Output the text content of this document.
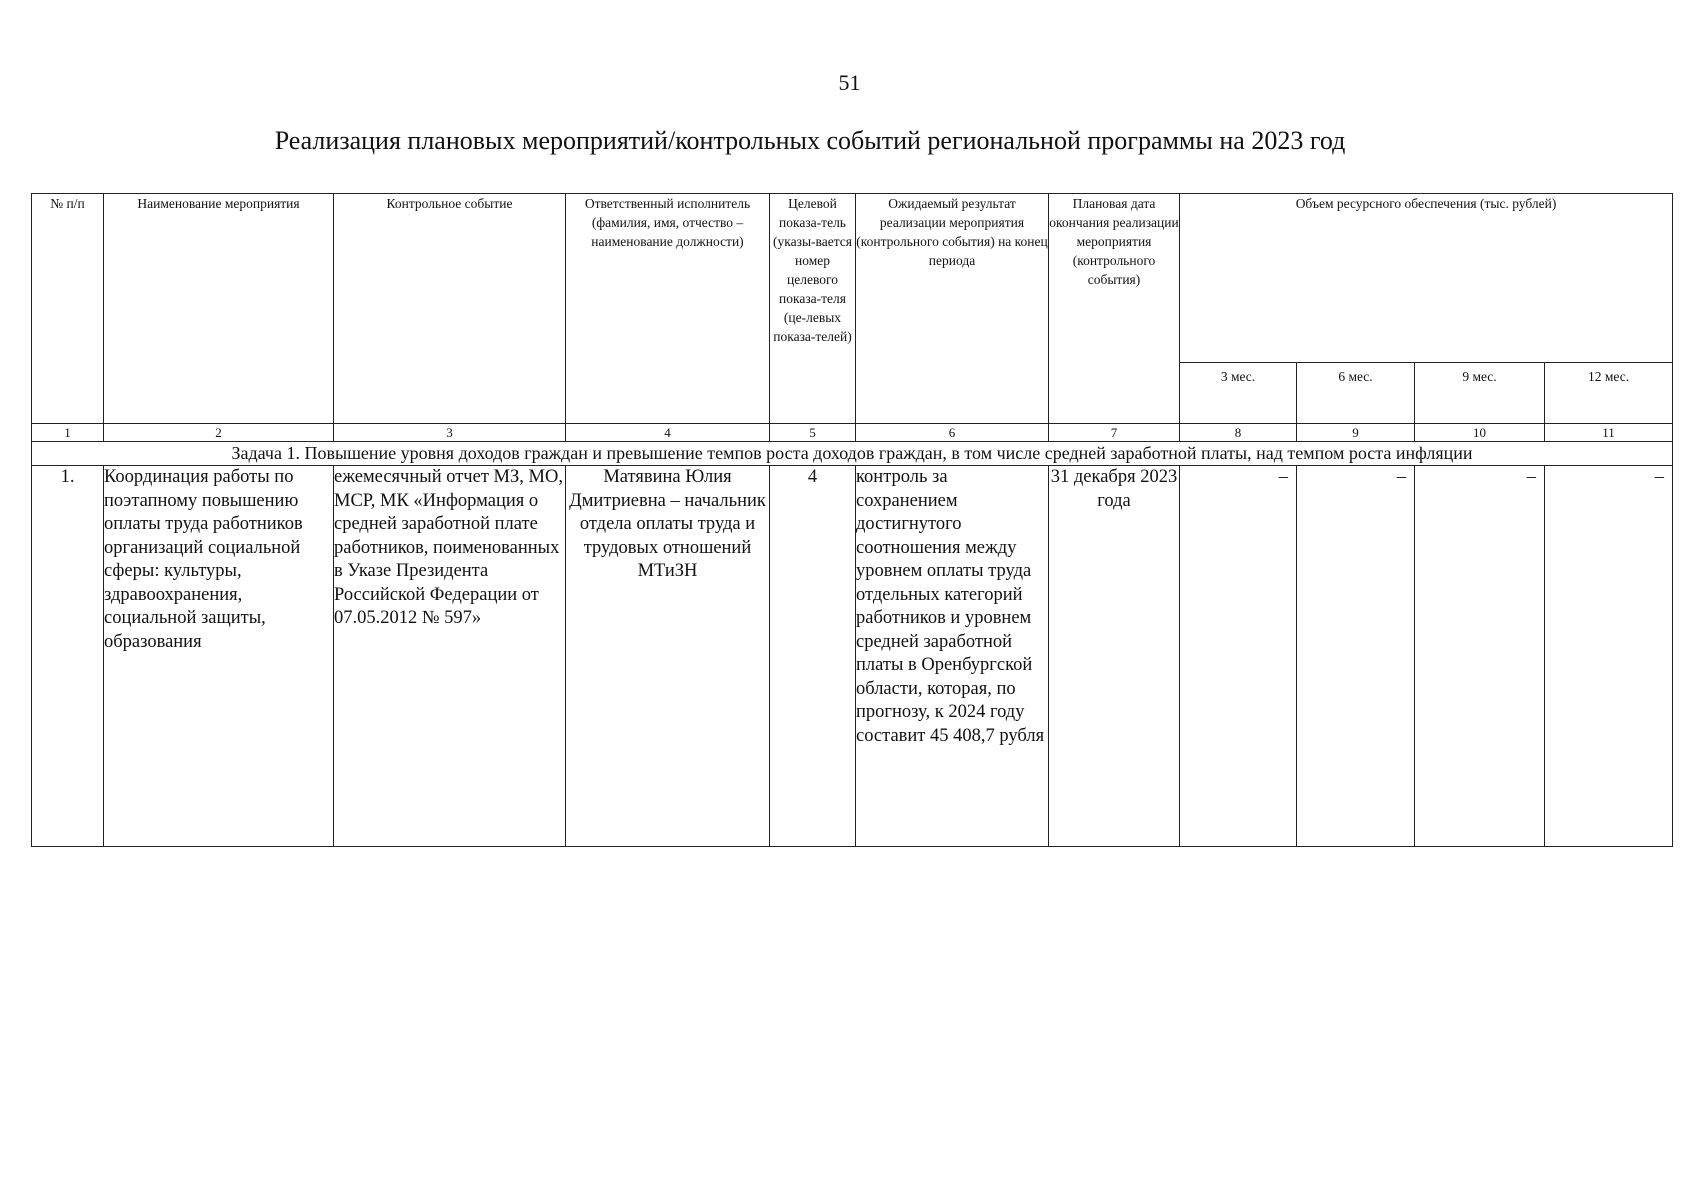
51
Реализация плановых мероприятий/контрольных событий региональной программы на 2023 год
№ п/п	Наименование мероприятия	Контрольное событие	Ответственный исполнитель (фамилия, имя, отчество – наименование должности)	Целевой показа-тель (указы-вается номер целевого показа-теля (це-левых показа-телей)	Ожидаемый результат реализации мероприятия (контрольного события) на конец периода	Плановая дата окончания реализации мероприятия (контрольного события)	Объем ресурсного обеспечения (тыс. рублей)			
							3 мес.	6 мес.	9 мес.	12 мес.
1	2	3	4	5	6	7	8	9	10	11
Задача 1. Повышение уровня доходов граждан и превышение темпов роста доходов граждан, в том числе средней заработной платы, над темпом роста инфляции										
1.	Координация работы по поэтапному повышению оплаты труда работников организаций социальной сферы: культуры, здравоохранения, социальной защиты, образования	ежемесячный отчет МЗ, МО, МСР, МК «Информация о средней заработной плате работников, поименованных в Указе Президента Российской Федерации от 07.05.2012 № 597»	Матявина Юлия Дмитриевна – начальник отдела оплаты труда и трудовых отношений МТиЗН	4	контроль за сохранением достигнутого соотношения между уровнем оплаты труда отдельных категорий работников и уровнем средней заработной платы в Оренбургской области, которая, по прогнозу, к 2024 году составит 45 408,7 рубля	31 декабря 2023 года	–	–	–	–
